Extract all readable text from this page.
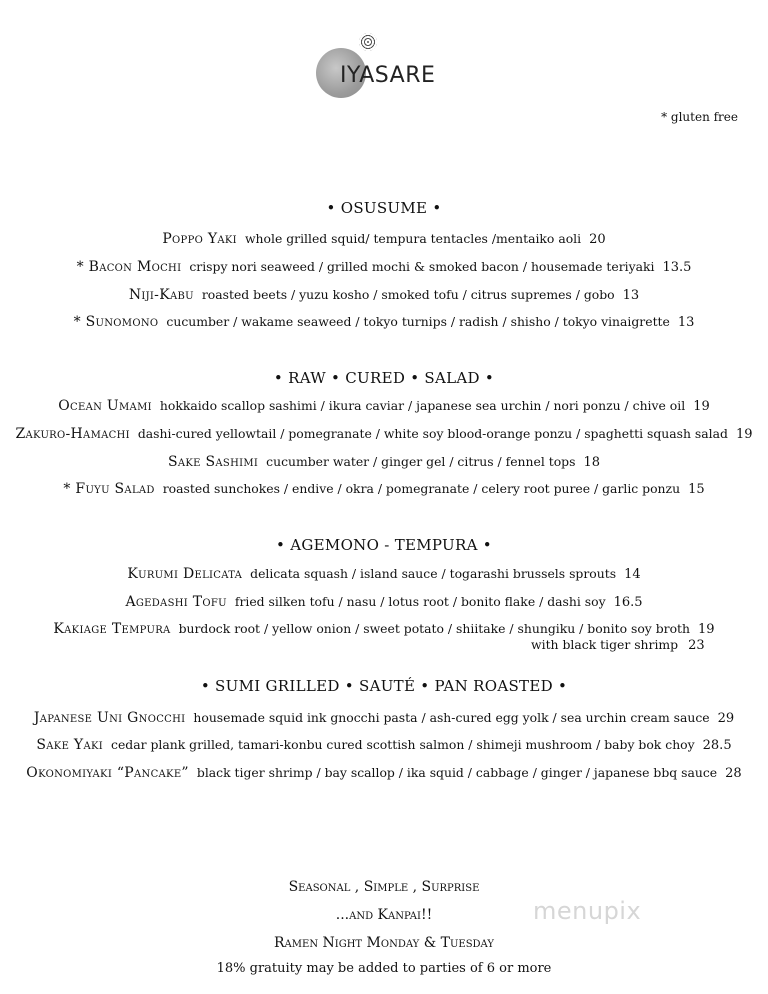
IYASARE
* gluten free
• OSUSUME •
Poppo Yaki whole grilled squid/ tempura tentacles /mentaiko aoli 20
* Bacon Mochi crispy nori seaweed / grilled mochi & smoked bacon / housemade teriyaki 13.5
Niji-Kabu roasted beets / yuzu kosho / smoked tofu / citrus supremes / gobo 13
* Sunomono cucumber / wakame seaweed / tokyo turnips / radish / shisho / tokyo vinaigrette 13
• RAW • CURED • SALAD •
Ocean Umami hokkaido scallop sashimi / ikura caviar / japanese sea urchin / nori ponzu / chive oil 19
Zakuro-Hamachi dashi-cured yellowtail / pomegranate / white soy blood-orange ponzu / spaghetti squash salad 19
Sake Sashimi cucumber water / ginger gel / citrus / fennel tops 18
* Fuyu Salad roasted sunchokes / endive / okra / pomegranate / celery root puree / garlic ponzu 15
• AGEMONO - TEMPURA •
Kurumi Delicata delicata squash / island sauce / togarashi brussels sprouts 14
Agedashi Tofu fried silken tofu / nasu / lotus root / bonito flake / dashi soy 16.5
Kakiage Tempura burdock root / yellow onion / sweet potato / shiitake / shungiku / bonito soy broth 19
with black tiger shrimp 23
• SUMI GRILLED • SAUTÉ • PAN ROASTED •
Japanese Uni Gnocchi housemade squid ink gnocchi pasta / ash-cured egg yolk / sea urchin cream sauce 29
Sake Yaki cedar plank grilled, tamari-konbu cured scottish salmon / shimeji mushroom / baby bok choy 28.5
Okonomiyaki “Pancake” black tiger shrimp / bay scallop / ika squid / cabbage / ginger / japanese bbq sauce 28
Seasonal , Simple , Surprise
...and Kanpai!!
Ramen Night Monday & Tuesday
18% gratuity may be added to parties of 6 or more
menupix
